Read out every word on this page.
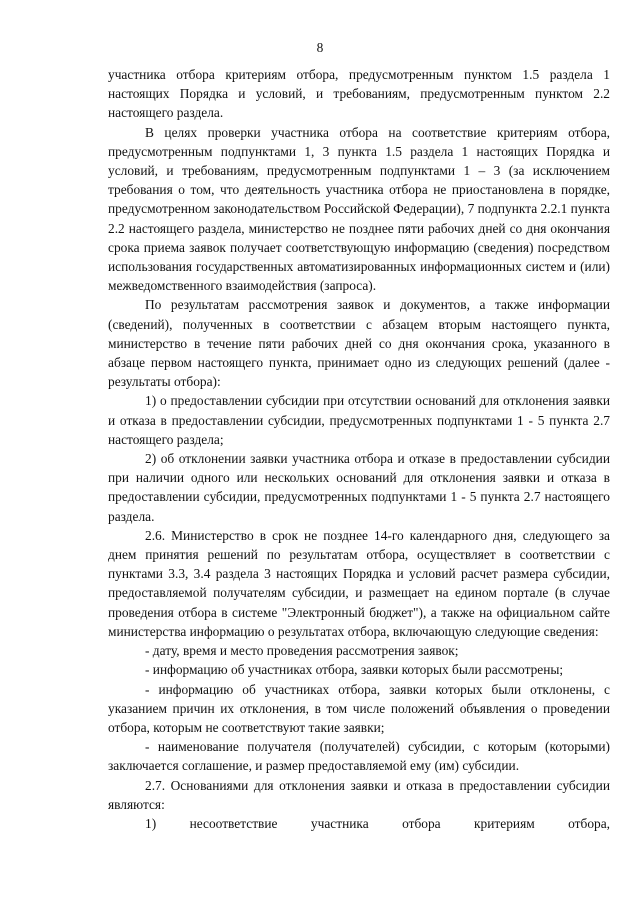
8

участника отбора критериям отбора, предусмотренным пунктом 1.5 раздела 1 настоящих Порядка и условий, и требованиям, предусмотренным пунктом 2.2 настоящего раздела.

В целях проверки участника отбора на соответствие критериям отбора, предусмотренным подпунктами 1, 3 пункта 1.5 раздела 1 настоящих Порядка и условий, и требованиям, предусмотренным подпунктами 1 – 3 (за исключением требования о том, что деятельность участника отбора не приостановлена в порядке, предусмотренном законодательством Российской Федерации), 7 подпункта 2.2.1 пункта 2.2 настоящего раздела, министерство не позднее пяти рабочих дней со дня окончания срока приема заявок получает соответствующую информацию (сведения) посредством использования государственных автоматизированных информационных систем и (или) межведомственного взаимодействия (запроса).

По результатам рассмотрения заявок и документов, а также информации (сведений), полученных в соответствии с абзацем вторым настоящего пункта, министерство в течение пяти рабочих дней со дня окончания срока, указанного в абзаце первом настоящего пункта, принимает одно из следующих решений (далее - результаты отбора):

1) о предоставлении субсидии при отсутствии оснований для отклонения заявки и отказа в предоставлении субсидии, предусмотренных подпунктами 1 - 5 пункта 2.7 настоящего раздела;

2) об отклонении заявки участника отбора и отказе в предоставлении субсидии при наличии одного или нескольких оснований для отклонения заявки и отказа в предоставлении субсидии, предусмотренных подпунктами 1 - 5 пункта 2.7 настоящего раздела.

2.6. Министерство в срок не позднее 14-го календарного дня, следующего за днем принятия решений по результатам отбора, осуществляет в соответствии с пунктами 3.3, 3.4 раздела 3 настоящих Порядка и условий расчет размера субсидии, предоставляемой получателям субсидии, и размещает на едином портале (в случае проведения отбора в системе "Электронный бюджет"), а также на официальном сайте министерства информацию о результатах отбора, включающую следующие сведения:

- дату, время и место проведения рассмотрения заявок;

- информацию об участниках отбора, заявки которых были рассмотрены;

- информацию об участниках отбора, заявки которых были отклонены, с указанием причин их отклонения, в том числе положений объявления о проведении отбора, которым не соответствуют такие заявки;

- наименование получателя (получателей) субсидии, с которым (которыми) заключается соглашение, и размер предоставляемой ему (им) субсидии.

2.7. Основаниями для отклонения заявки и отказа в предоставлении субсидии являются:

1) несоответствие участника отбора критериям отбора,
